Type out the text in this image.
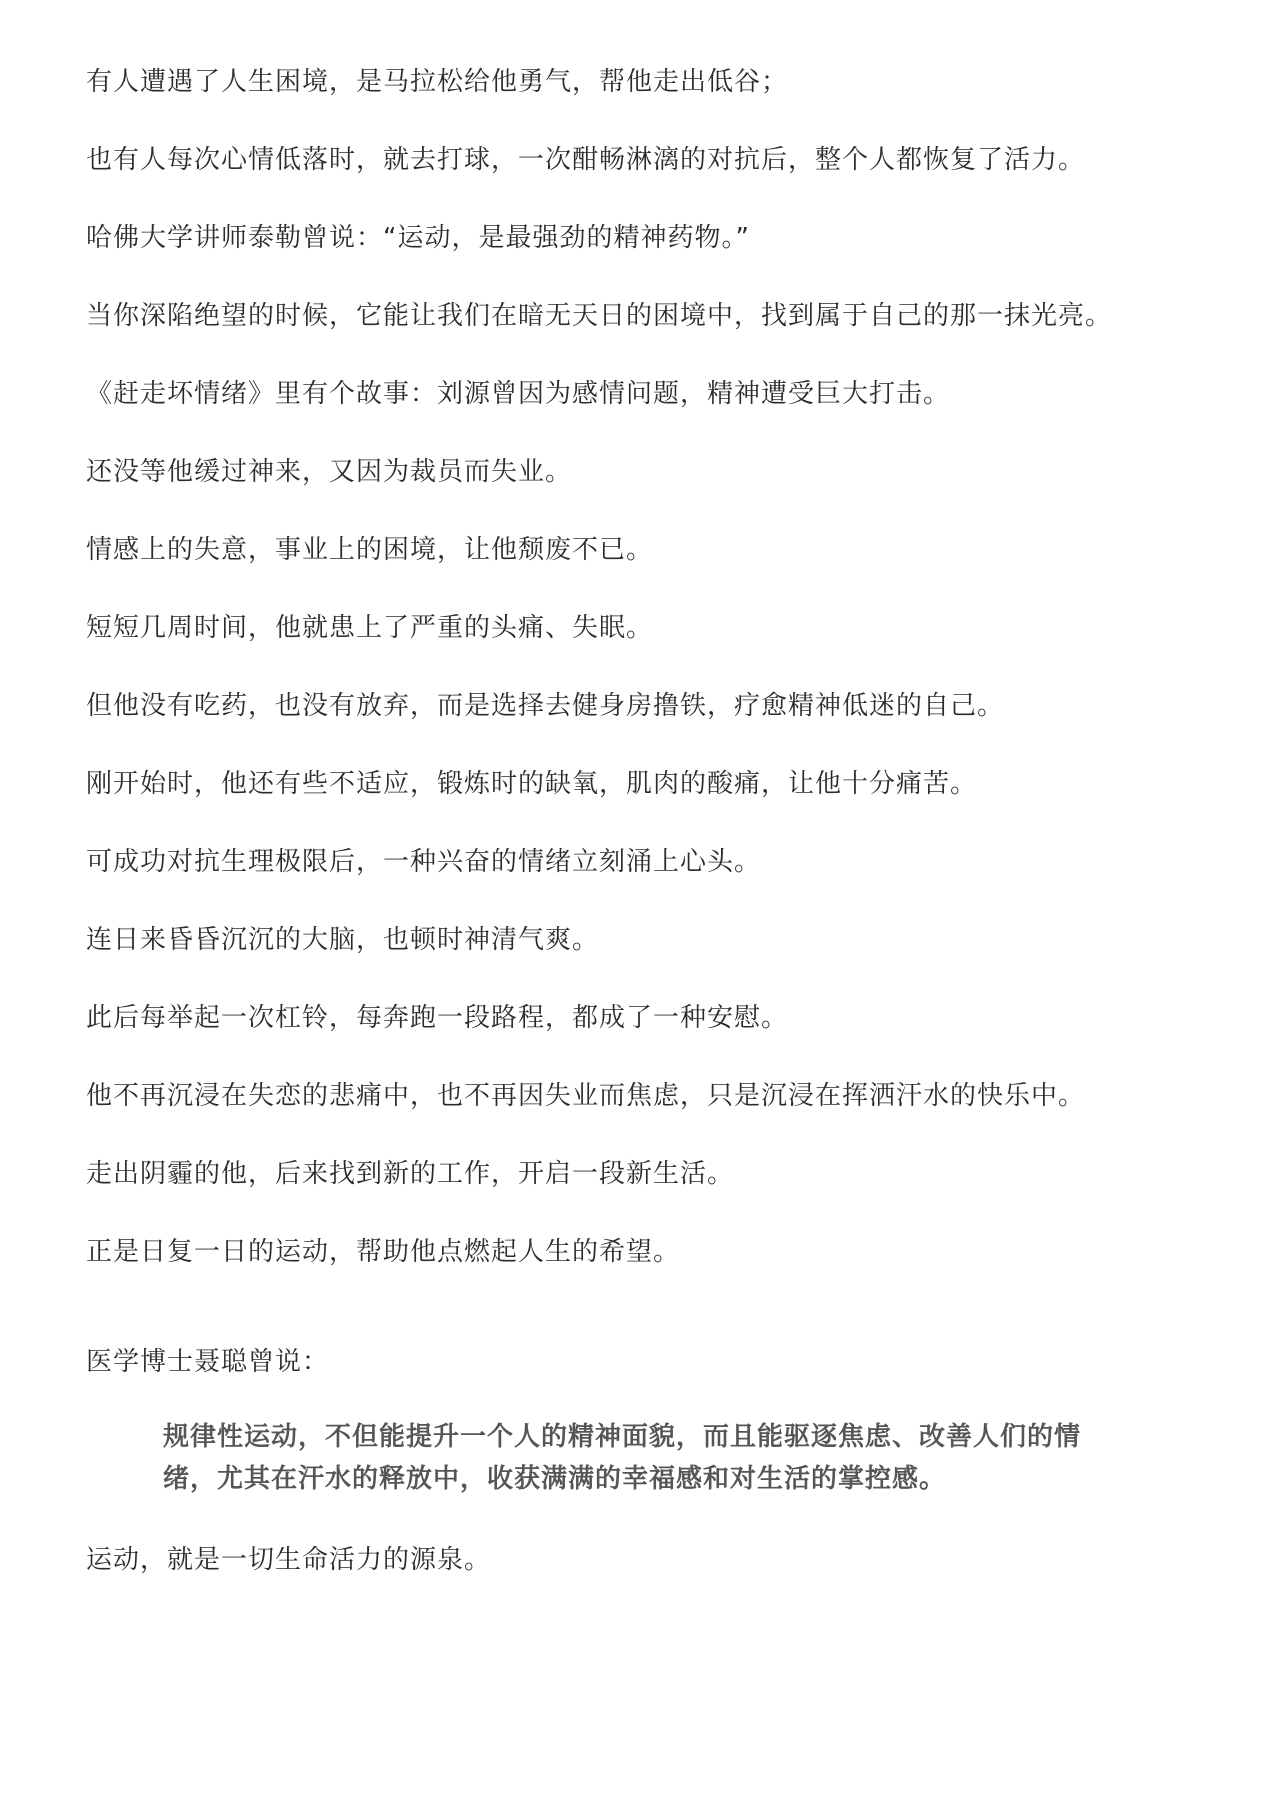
有人遭遇了人生困境，是马拉松给他勇气，帮他走出低谷；

也有人每次心情低落时，就去打球，一次酣畅淋漓的对抗后，整个人都恢复了活力。

哈佛大学讲师泰勒曾说：“运动，是最强劲的精神药物。”

当你深陷绝望的时候，它能让我们在暗无天日的困境中，找到属于自己的那一抹光亮。

《赶走坏情绪》里有个故事：刘源曾因为感情问题，精神遭受巨大打击。

还没等他缓过神来，又因为裁员而失业。

情感上的失意，事业上的困境，让他颓废不已。

短短几周时间，他就患上了严重的头痛、失眠。

但他没有吃药，也没有放弃，而是选择去健身房撸铁，疗愈精神低迷的自己。

刚开始时，他还有些不适应，锻炼时的缺氧，肌肉的酸痛，让他十分痛苦。

可成功对抗生理极限后，一种兴奋的情绪立刻涌上心头。

连日来昏昏沉沉的大脑，也顿时神清气爽。

此后每举起一次杠铃，每奔跑一段路程，都成了一种安慰。

他不再沉浸在失恋的悲痛中，也不再因失业而焦虑，只是沉浸在挥洒汗水的快乐中。

走出阴霾的他，后来找到新的工作，开启一段新生活。

正是日复一日的运动，帮助他点燃起人生的希望。

医学博士聂聪曾说：

规律性运动，不但能提升一个人的精神面貌，而且能驱逐焦虑、改善人们的情绪，尤其在汗水的释放中，收获满满的幸福感和对生活的掌控感。

运动，就是一切生命活力的源泉。
